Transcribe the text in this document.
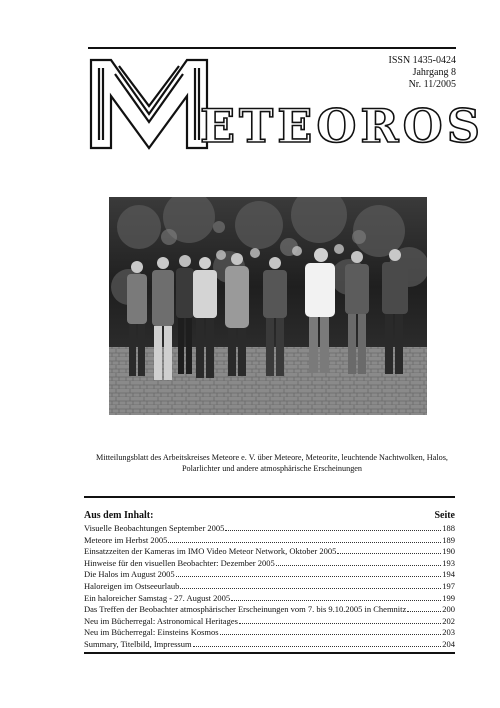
ISSN 1435-0424
Jahrgang 8
Nr. 11/2005
ETEOROS
Mitteilungsblatt des Arbeitskreises Meteore e. V. über Meteore, Meteorite, leuchtende Nachtwolken, Halos,
Polarlichter und andere atmosphärische Erscheinungen
Aus dem Inhalt:	Seite
Visuelle Beobachtungen September 2005	188
Meteore im Herbst 2005	189
Einsatzzeiten der Kameras im IMO Video Meteor Network, Oktober 2005	190
Hinweise für den visuellen Beobachter: Dezember 2005	193
Die Halos im August 2005	194
Haloreigen im Ostseeurlaub	197
Ein haloreicher Samstag - 27. August 2005	199
Das Treffen der Beobachter atmosphärischer Erscheinungen vom 7. bis 9.10.2005 in Chemnitz	200
Neu im Bücherregal: Astronomical Heritages	202
Neu im Bücherregal: Einsteins Kosmos	203
Summary, Titelbild, Impressum	204
